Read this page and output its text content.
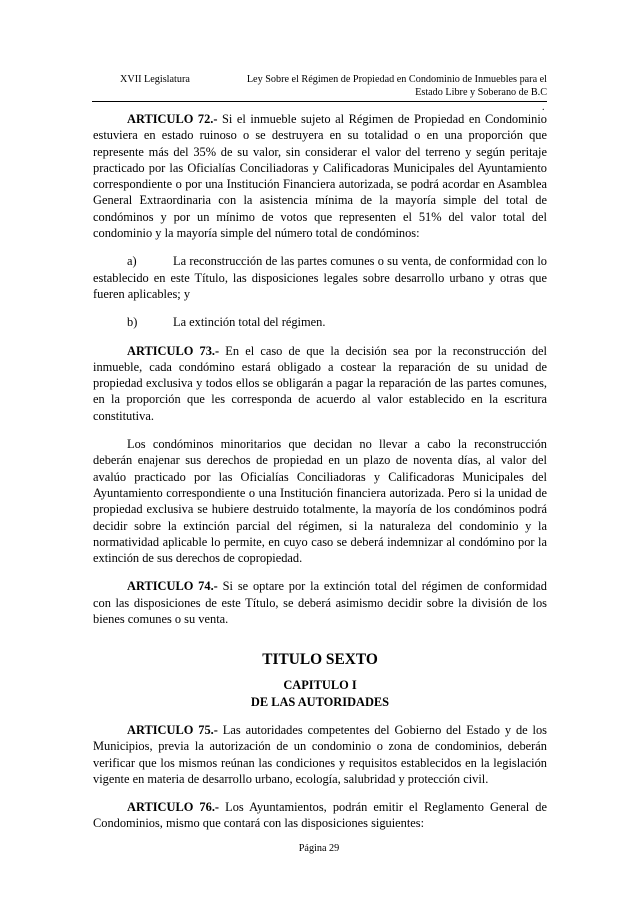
XVII Legislatura	Ley Sobre el Régimen de Propiedad en Condominio de Inmuebles para el
Estado Libre y Soberano de B.C
.

ARTICULO 72.- Si el inmueble sujeto al Régimen de Propiedad en Condominio estuviera en estado ruinoso o se destruyera en su totalidad o en una proporción que represente más del 35% de su valor, sin considerar el valor del terreno y según peritaje practicado por las Oficialías Conciliadoras y Calificadoras Municipales del Ayuntamiento correspondiente o por una Institución Financiera autorizada, se podrá acordar en Asamblea General Extraordinaria con la asistencia mínima de la mayoría simple del total de condóminos y por un mínimo de votos que representen el 51% del valor total del condominio y la mayoría simple del número total de condóminos:

a)	La reconstrucción de las partes comunes o su venta, de conformidad con lo establecido en este Título, las disposiciones legales sobre desarrollo urbano y otras que fueren aplicables; y

b)	La extinción total del régimen.

ARTICULO 73.- En el caso de que la decisión sea por la reconstrucción del inmueble, cada condómino estará obligado a costear la reparación de su unidad de propiedad exclusiva y todos ellos se obligarán a pagar la reparación de las partes comunes, en la proporción que les corresponda de acuerdo al valor establecido en la escritura constitutiva.

Los condóminos minoritarios que decidan no llevar a cabo la reconstrucción deberán enajenar sus derechos de propiedad en un plazo de noventa días, al valor del avalúo practicado por las Oficialías Conciliadoras y Calificadoras Municipales del Ayuntamiento correspondiente o una Institución financiera autorizada. Pero si la unidad de propiedad exclusiva se hubiere destruido totalmente, la mayoría de los condóminos podrá decidir sobre la extinción parcial del régimen, si la naturaleza del condominio y la normatividad aplicable lo permite, en cuyo caso se deberá indemnizar al condómino por la extinción de sus derechos de copropiedad.

ARTICULO 74.- Si se optare por la extinción total del régimen de conformidad con las disposiciones de este Título, se deberá asimismo decidir sobre la división de los bienes comunes o su venta.

TITULO SEXTO

CAPITULO I

DE LAS AUTORIDADES

ARTICULO 75.- Las autoridades competentes del Gobierno del Estado y de los Municipios, previa la autorización de un condominio o zona de condominios, deberán verificar que los mismos reúnan las condiciones y requisitos establecidos en la legislación vigente en materia de desarrollo urbano, ecología, salubridad y protección civil.

ARTICULO 76.- Los Ayuntamientos, podrán emitir el Reglamento General de Condominios, mismo que contará con las disposiciones siguientes:

Página 29
